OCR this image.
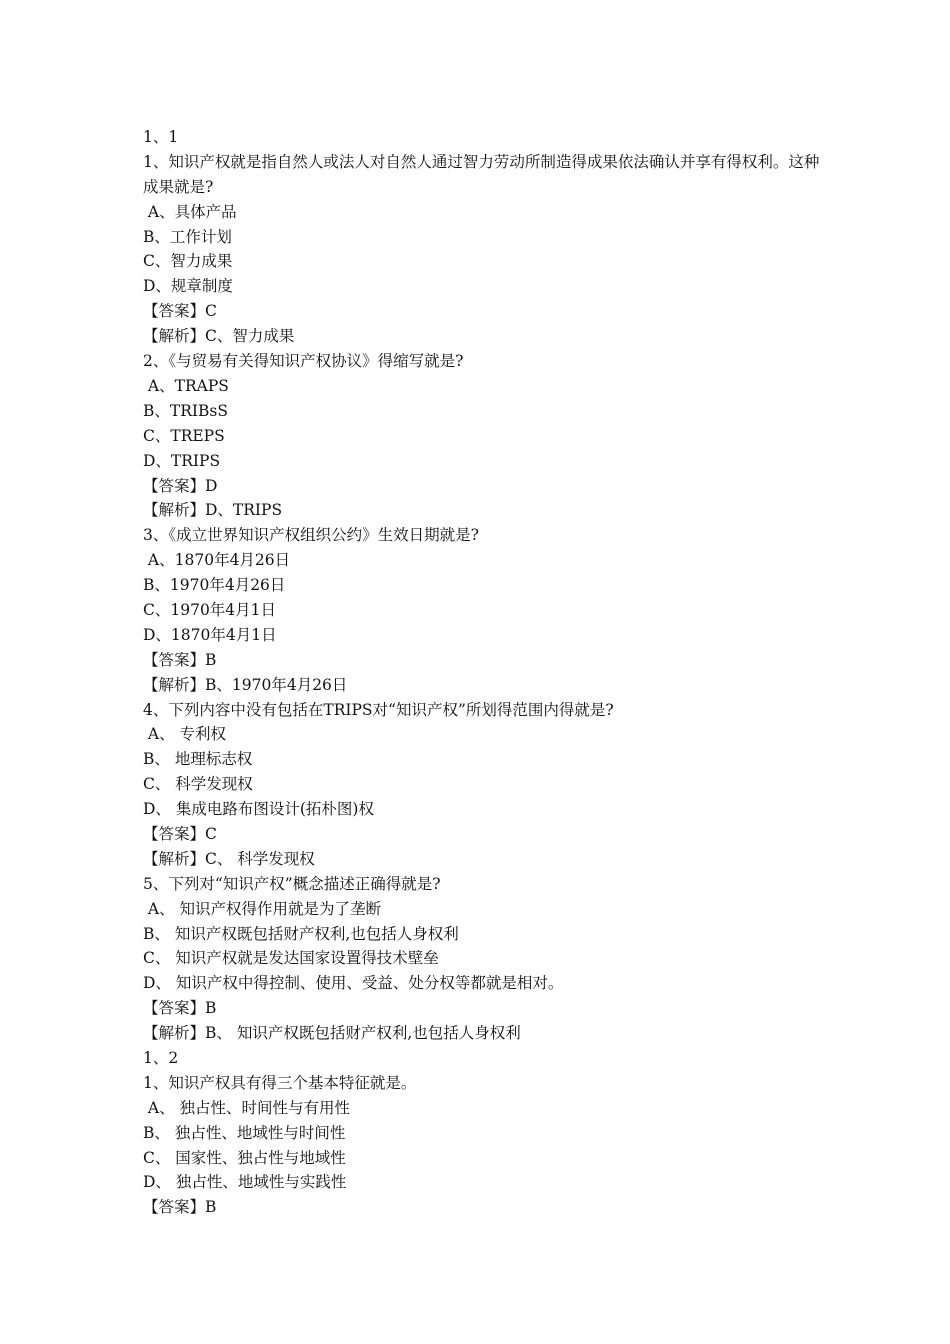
1、1
1、知识产权就是指自然人或法人对自然人通过智力劳动所制造得成果依法确认并享有得权利。这种成果就是?
A、具体产品
B、工作计划
C、智力成果
D、规章制度
【答案】C
【解析】C、智力成果
2、《与贸易有关得知识产权协议》得缩写就是?
A、TRAPS
B、TRIBsS
C、TREPS
D、TRIPS
【答案】D
【解析】D、TRIPS
3、《成立世界知识产权组织公约》生效日期就是?
A、1870年4月26日
B、1970年4月26日
C、1970年4月1日
D、1870年4月1日
【答案】B
【解析】B、1970年4月26日
4、下列内容中没有包括在TRIPS对“知识产权”所划得范围内得就是?
A、 专利权
B、 地理标志权
C、 科学发现权
D、 集成电路布图设计(拓朴图)权
【答案】C
【解析】C、 科学发现权
5、下列对“知识产权”概念描述正确得就是?
A、 知识产权得作用就是为了垄断
B、 知识产权既包括财产权利,也包括人身权利
C、 知识产权就是发达国家设置得技术壁垒
D、 知识产权中得控制、使用、受益、处分权等都就是相对。
【答案】B
【解析】B、 知识产权既包括财产权利,也包括人身权利
1、2
1、知识产权具有得三个基本特征就是。
A、 独占性、时间性与有用性
B、 独占性、地域性与时间性
C、 国家性、独占性与地域性
D、 独占性、地域性与实践性
【答案】B
